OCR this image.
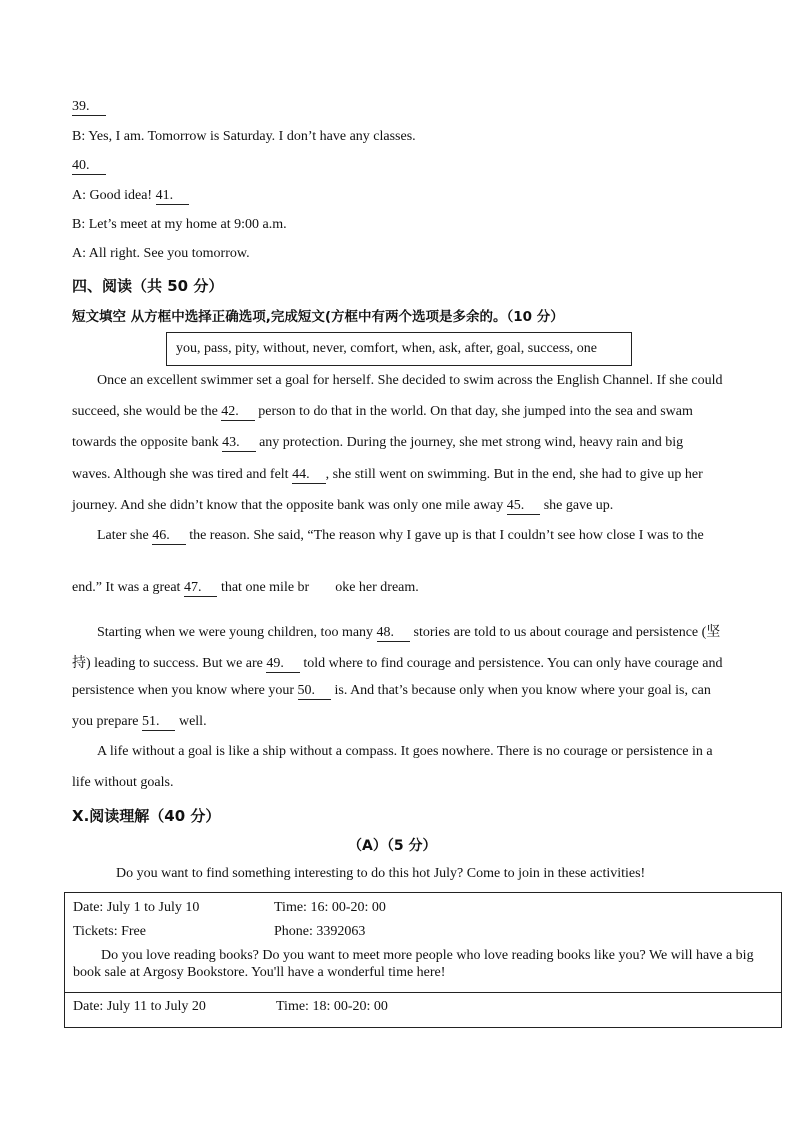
39.
B: Yes, I am. Tomorrow is Saturday. I don’t have any classes.
40.
A: Good idea! 41.
B: Let’s meet at my home at 9:00 a.m.
A: All right. See you tomorrow.
四、阅读（共 50 分）
短文填空 从方框中选择正确选项,完成短文(方框中有两个选项是多余的。（10 分）
you, pass, pity, without, never, comfort, when, ask, after, goal, success, one
Once an excellent swimmer set a goal for herself. She decided to swim across the English Channel. If she could
succeed, she would be the 42. person to do that in the world. On that day, she jumped into the sea and swam
towards the opposite bank 43. any protection. During the journey, she met strong wind, heavy rain and big
waves. Although she was tired and felt 44. , she still went on swimming. But in the end, she had to give up her
journey. And she didn’t know that the opposite bank was only one mile away 45. she gave up.
Later she 46. the reason. She said, “The reason why I gave up is that I couldn’t see how close I was to the
end.” It was a great 47. that one mile br oke her dream.
Starting when we were young children, too many 48. stories are told to us about courage and persistence (坚
持) leading to success. But we are 49. told where to find courage and persistence. You can only have courage and
persistence when you know where your 50. is. And that’s because only when you know where your goal is, can
you prepare 51. well.
A life without a goal is like a ship without a compass. It goes nowhere. There is no courage or persistence in a
life without goals.
X.阅读理解（40 分）
（A）（5 分）
Do you want to find something interesting to do this hot July? Come to join in these activities!
Date: July 1 to July 10	Time: 16: 00-20: 00
Tickets: Free	Phone: 3392063
Do you love reading books? Do you want to meet more people who love reading books like you? We will have a big book sale at Argosy Bookstore. You'll have a wonderful time here!
Date: July 11 to July 20	Time: 18: 00-20: 00
